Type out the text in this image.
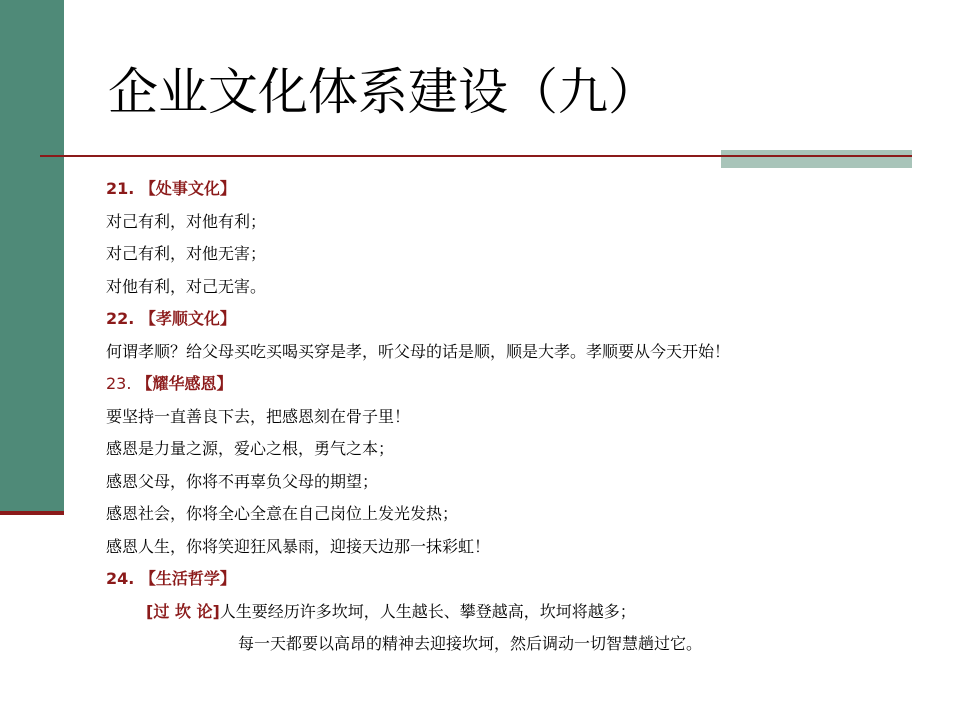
企业文化体系建设（九）
21. 【处事文化】
对己有利，对他有利；
对己有利，对他无害；
对他有利，对己无害。
22. 【孝顺文化】
何谓孝顺？给父母买吃买喝买穿是孝，听父母的话是顺，顺是大孝。孝顺要从今天开始！
23. 【耀华感恩】
要坚持一直善良下去，把感恩刻在骨子里！
感恩是力量之源，爱心之根，勇气之本；
感恩父母，你将不再辜负父母的期望；
感恩社会，你将全心全意在自己岗位上发光发热；
感恩人生，你将笑迎狂风暴雨，迎接天边那一抹彩虹！
24. 【生活哲学】
[过 坎 论]人生要经历许多坎坷，人生越长、攀登越高，坎坷将越多；
每一天都要以高昂的精神去迎接坎坷，然后调动一切智慧趟过它。
